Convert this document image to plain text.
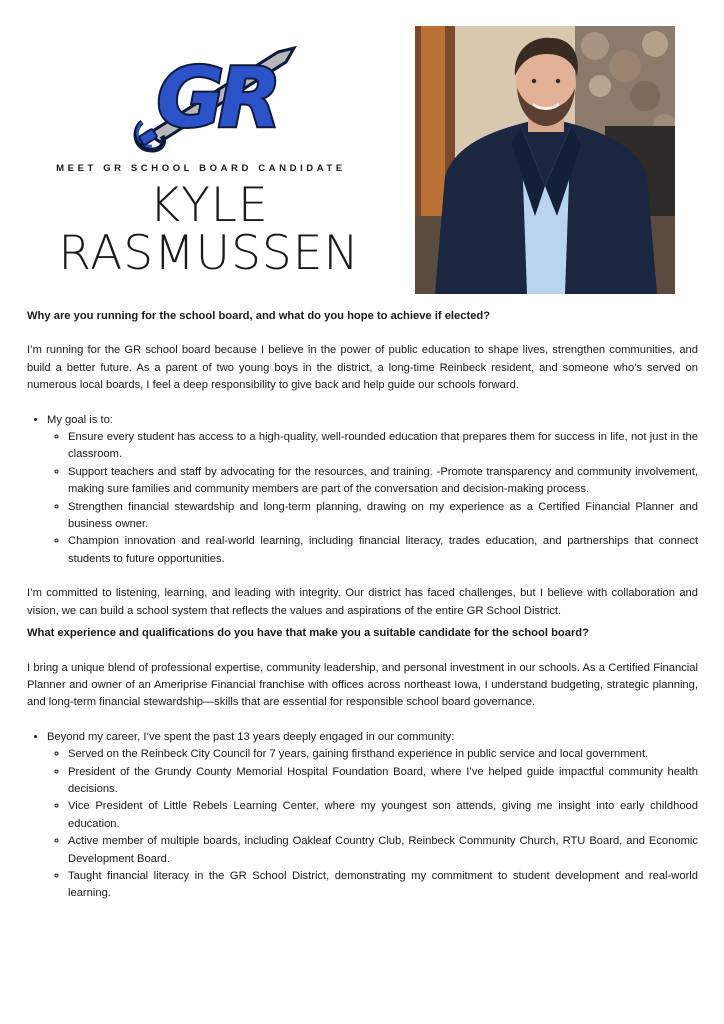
GR
MEET GR SCHOOL BOARD CANDIDATE
KYLE
RASMUSSEN

Why are you running for the school board, and what do you hope to achieve if elected?

I’m running for the GR school board because I believe in the power of public education to shape lives, strengthen communities, and build a better future. As a parent of two young boys in the district, a long-time Reinbeck resident, and someone who’s served on numerous local boards, I feel a deep responsibility to give back and help guide our schools forward.

• My goal is to:
◦ Ensure every student has access to a high-quality, well-rounded education that prepares them for success in life, not just in the classroom.
◦ Support teachers and staff by advocating for the resources, and training. -Promote transparency and community involvement, making sure families and community members are part of the conversation and decision-making process.
◦ Strengthen financial stewardship and long-term planning, drawing on my experience as a Certified Financial Planner and business owner.
◦ Champion innovation and real-world learning, including financial literacy, trades education, and partnerships that connect students to future opportunities.

I’m committed to listening, learning, and leading with integrity. Our district has faced challenges, but I believe with collaboration and vision, we can build a school system that reflects the values and aspirations of the entire GR School District.

What experience and qualifications do you have that make you a suitable candidate for the school board?

I bring a unique blend of professional expertise, community leadership, and personal investment in our schools. As a Certified Financial Planner and owner of an Ameriprise Financial franchise with offices across northeast Iowa, I understand budgeting, strategic planning, and long-term financial stewardship—skills that are essential for responsible school board governance.

• Beyond my career, I’ve spent the past 13 years deeply engaged in our community:
◦ Served on the Reinbeck City Council for 7 years, gaining firsthand experience in public service and local government.
◦ President of the Grundy County Memorial Hospital Foundation Board, where I’ve helped guide impactful community health decisions.
◦ Vice President of Little Rebels Learning Center, where my youngest son attends, giving me insight into early childhood education.
◦ Active member of multiple boards, including Oakleaf Country Club, Reinbeck Community Church, RTU Board, and Economic Development Board.
◦ Taught financial literacy in the GR School District, demonstrating my commitment to student development and real-world learning.
